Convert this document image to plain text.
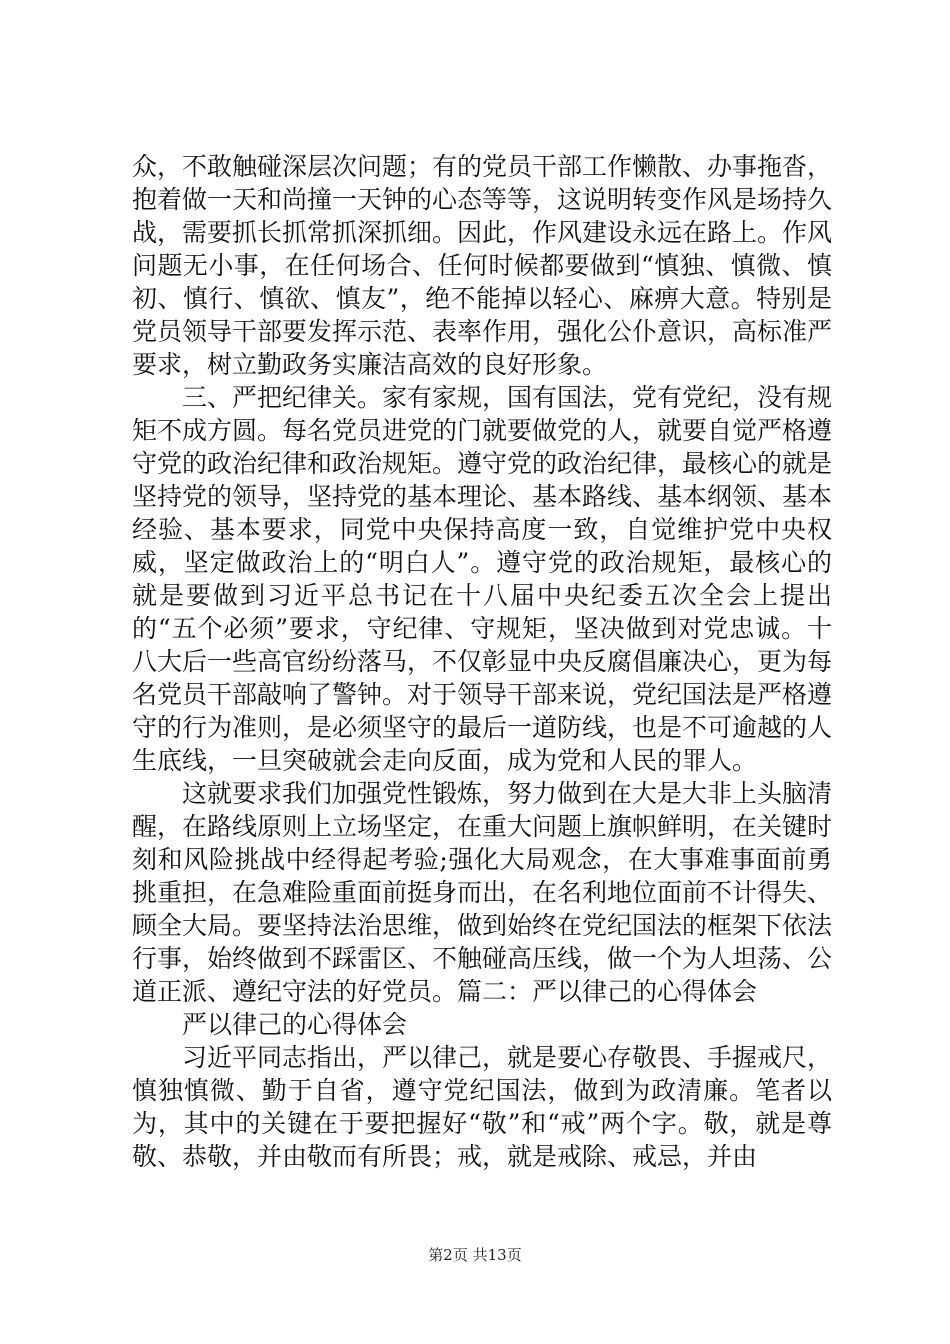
众，不敢触碰深层次问题；有的党员干部工作懒散、办事拖沓，抱着做一天和尚撞一天钟的心态等等，这说明转变作风是场持久战，需要抓长抓常抓深抓细。因此，作风建设永远在路上。作风问题无小事，在任何场合、任何时候都要做到“慎独、慎微、慎初、慎行、慎欲、慎友”，绝不能掉以轻心、麻痹大意。特别是党员领导干部要发挥示范、表率作用，强化公仆意识，高标准严要求，树立勤政务实廉洁高效的良好形象。

三、严把纪律关。家有家规，国有国法，党有党纪，没有规矩不成方圆。每名党员进党的门就要做党的人，就要自觉严格遵守党的政治纪律和政治规矩。遵守党的政治纪律，最核心的就是坚持党的领导，坚持党的基本理论、基本路线、基本纲领、基本经验、基本要求，同党中央保持高度一致，自觉维护党中央权威，坚定做政治上的“明白人”。遵守党的政治规矩，最核心的就是要做到习近平总书记在十八届中央纪委五次全会上提出的“五个必须”要求，守纪律、守规矩，坚决做到对党忠诚。十八大后一些高官纷纷落马，不仅彰显中央反腐倡廉决心，更为每名党员干部敲响了警钟。对于领导干部来说，党纪国法是严格遵守的行为准则，是必须坚守的最后一道防线，也是不可逾越的人生底线，一旦突破就会走向反面，成为党和人民的罪人。

这就要求我们加强党性锻炼，努力做到在大是大非上头脑清醒，在路线原则上立场坚定，在重大问题上旗帜鲜明，在关键时刻和风险挑战中经得起考验;强化大局观念，在大事难事面前勇挑重担，在急难险重面前挺身而出，在名利地位面前不计得失、顾全大局。要坚持法治思维，做到始终在党纪国法的框架下依法行事，始终做到不踩雷区、不触碰高压线，做一个为人坦荡、公道正派、遵纪守法的好党员。篇二：严以律己的心得体会

严以律己的心得体会

习近平同志指出，严以律己，就是要心存敬畏、手握戒尺，慎独慎微、勤于自省，遵守党纪国法，做到为政清廉。笔者以为，其中的关键在于要把握好“敬”和“戒”两个字。敬，就是尊敬、恭敬，并由敬而有所畏；戒，就是戒除、戒忌，并由

第2页 共13页
